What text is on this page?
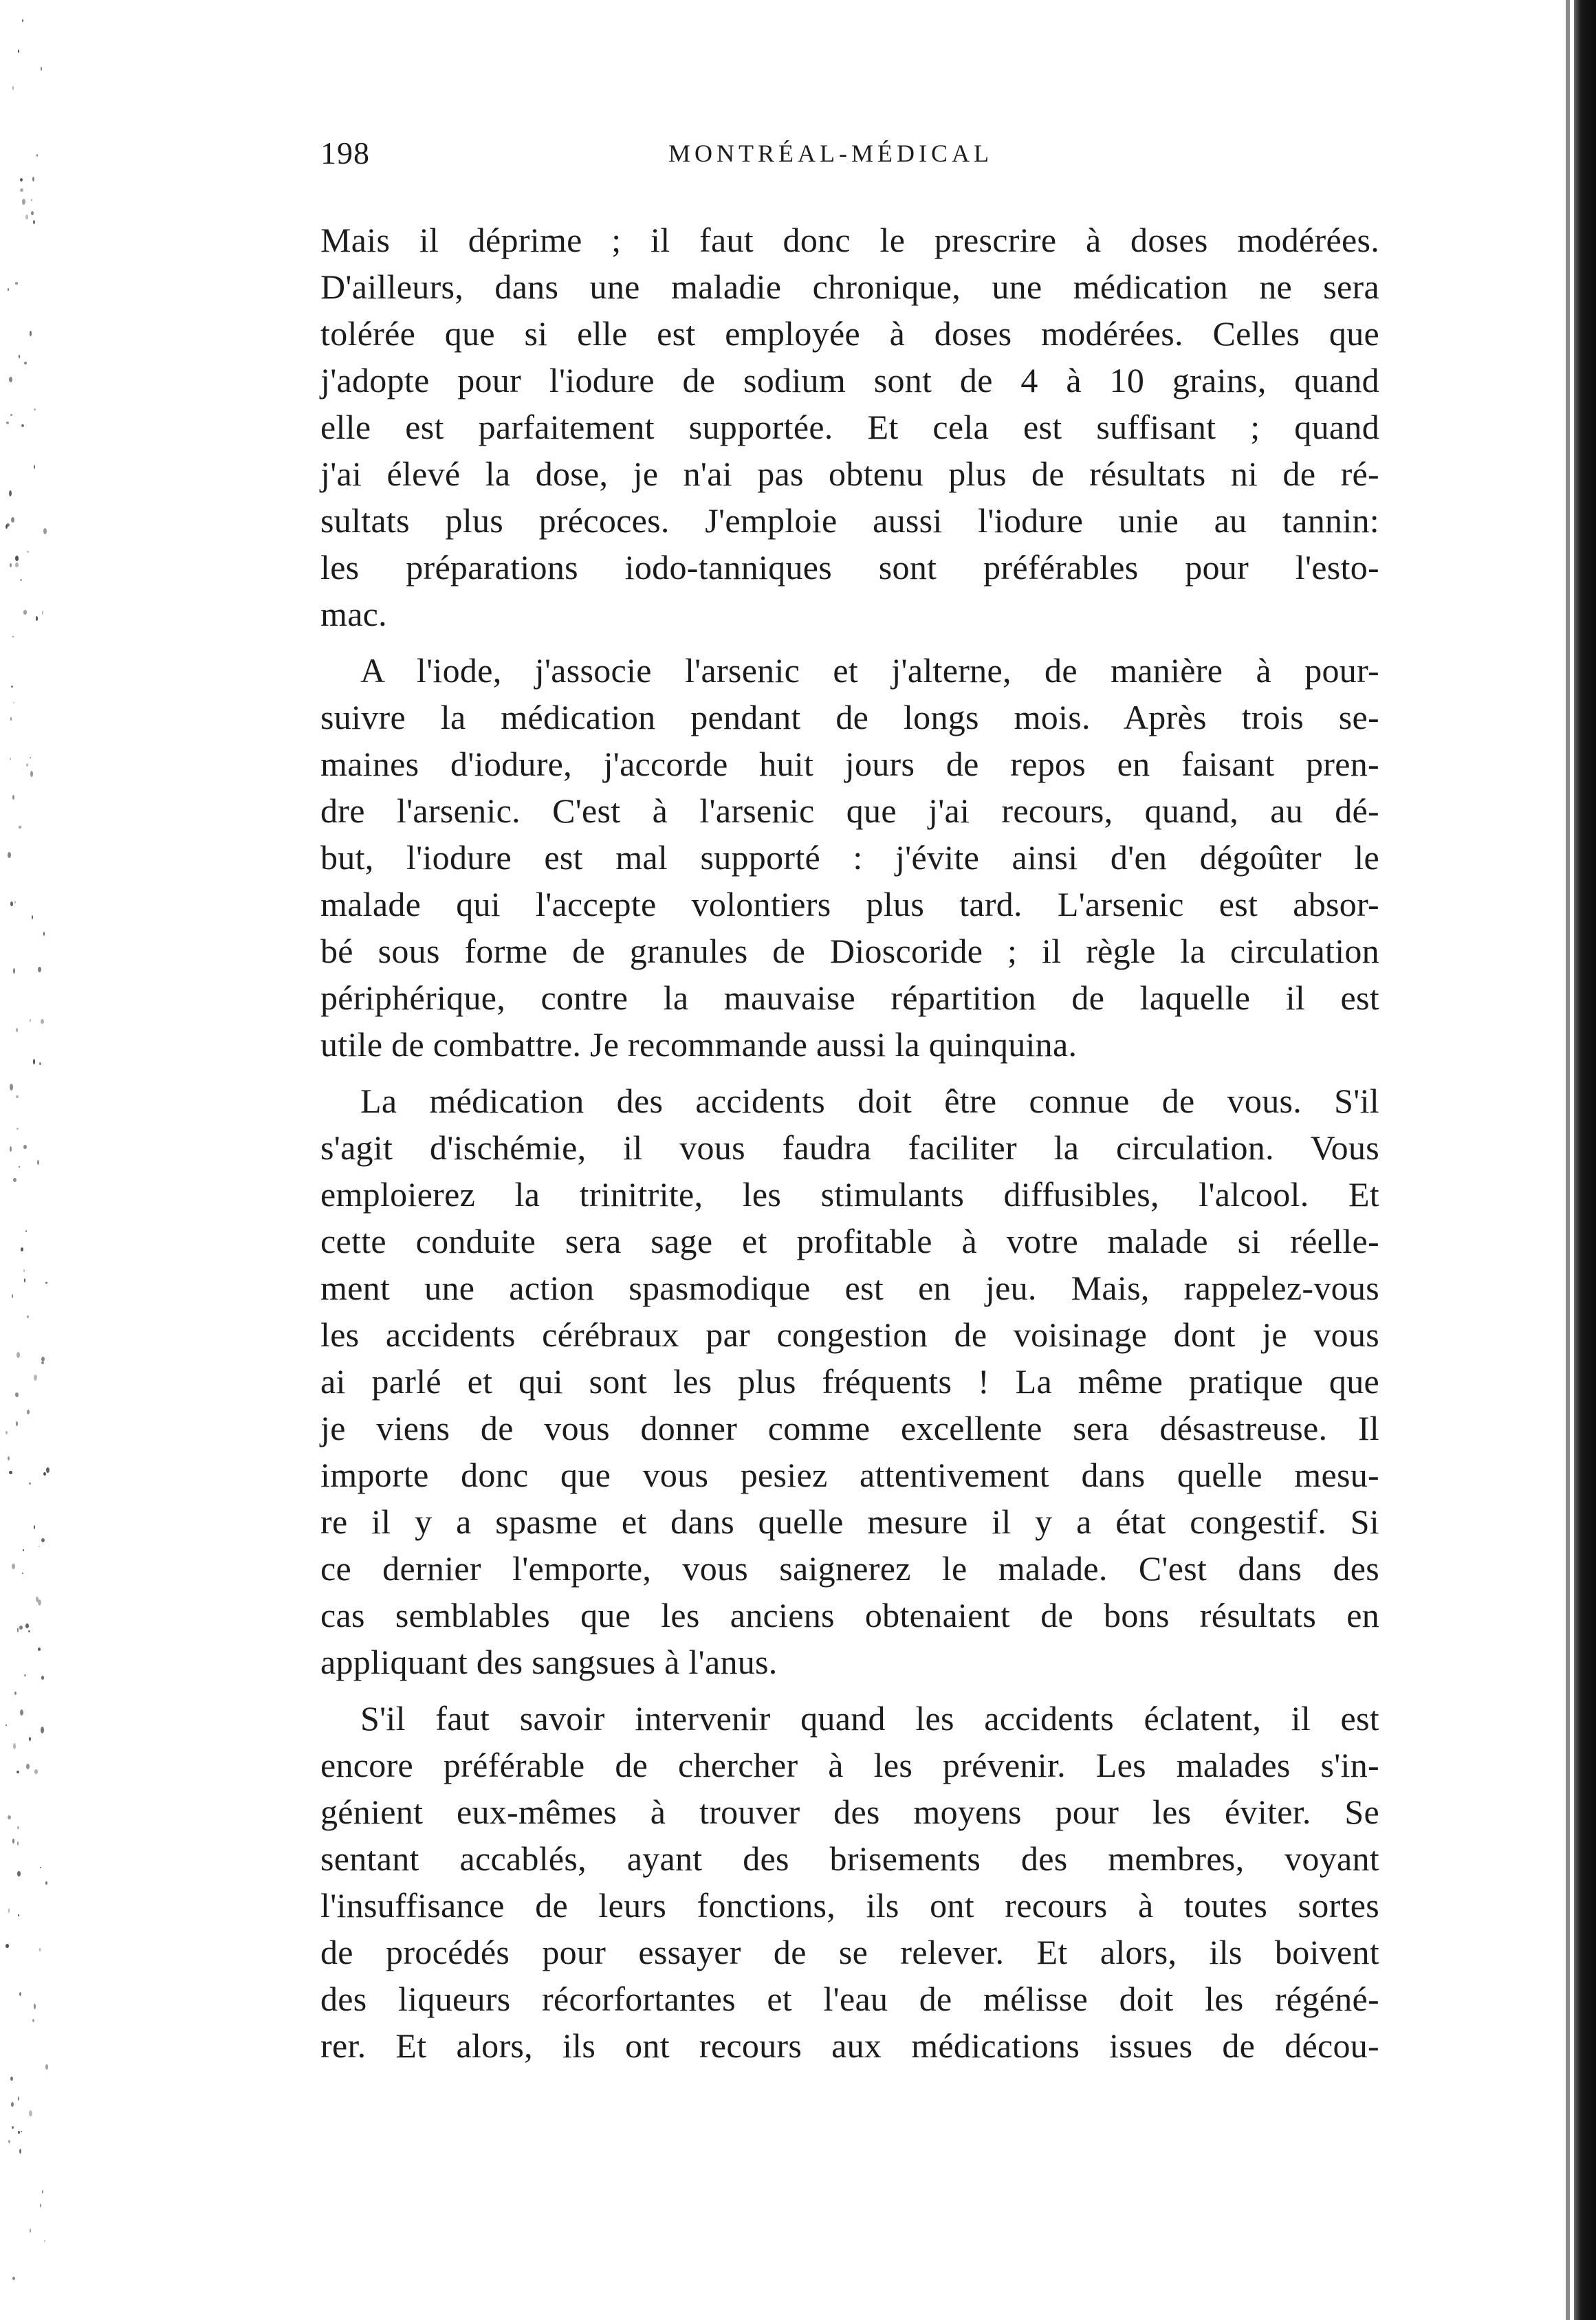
198	MONTRÉAL-MÉDICAL
Mais il déprime ; il faut donc le prescrire à doses modérées.
D'ailleurs, dans une maladie chronique, une médication ne sera
tolérée que si elle est employée à doses modérées. Celles que
j'adopte pour l'iodure de sodium sont de 4 à 10 grains, quand
elle est parfaitement supportée. Et cela est suffisant ; quand
j'ai élevé la dose, je n'ai pas obtenu plus de résultats ni de ré-
sultats plus précoces. J'emploie aussi l'iodure unie au tannin:
les préparations iodo-tanniques sont préférables pour l'esto-
mac.
A l'iode, j'associe l'arsenic et j'alterne, de manière à pour-
suivre la médication pendant de longs mois. Après trois se-
maines d'iodure, j'accorde huit jours de repos en faisant pren-
dre l'arsenic. C'est à l'arsenic que j'ai recours, quand, au dé-
but, l'iodure est mal supporté : j'évite ainsi d'en dégoûter le
malade qui l'accepte volontiers plus tard. L'arsenic est absor-
bé sous forme de granules de Dioscoride ; il règle la circulation
périphérique, contre la mauvaise répartition de laquelle il est
utile de combattre. Je recommande aussi la quinquina.
La médication des accidents doit être connue de vous. S'il
s'agit d'ischémie, il vous faudra faciliter la circulation. Vous
emploierez la trinitrite, les stimulants diffusibles, l'alcool. Et
cette conduite sera sage et profitable à votre malade si réelle-
ment une action spasmodique est en jeu. Mais, rappelez-vous
les accidents cérébraux par congestion de voisinage dont je vous
ai parlé et qui sont les plus fréquents ! La même pratique que
je viens de vous donner comme excellente sera désastreuse. Il
importe donc que vous pesiez attentivement dans quelle mesu-
re il y a spasme et dans quelle mesure il y a état congestif. Si
ce dernier l'emporte, vous saignerez le malade. C'est dans des
cas semblables que les anciens obtenaient de bons résultats en
appliquant des sangsues à l'anus.
S'il faut savoir intervenir quand les accidents éclatent, il est
encore préférable de chercher à les prévenir. Les malades s'in-
génient eux-mêmes à trouver des moyens pour les éviter. Se
sentant accablés, ayant des brisements des membres, voyant
l'insuffisance de leurs fonctions, ils ont recours à toutes sortes
de procédés pour essayer de se relever. Et alors, ils boivent
des liqueurs récorfortantes et l'eau de mélisse doit les régéné-
rer. Et alors, ils ont recours aux médications issues de décou-
